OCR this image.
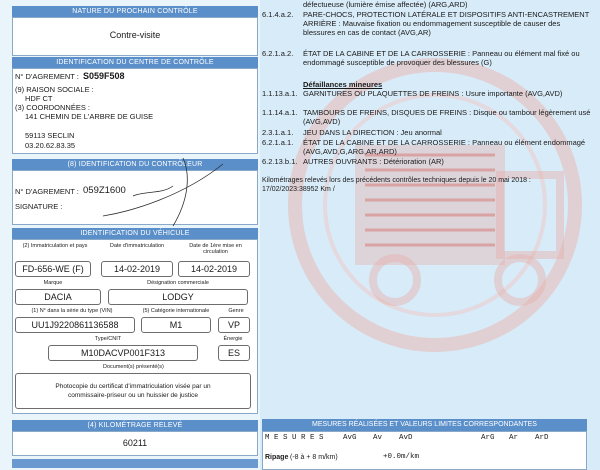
NATURE DU PROCHAIN CONTRÔLE
Contre-visite
IDENTIFICATION DU CENTRE DE CONTRÔLE
N° D'AGREMENT : S059F508
(9) RAISON SOCIALE :
HDF CT
(3) COORDONNÉES :
141 CHEMIN DE L'ARBRE DE GUISE
59113 SECLIN
03.20.62.83.35
(8) IDENTIFICATION DU CONTRÔLEUR
N° D'AGREMENT : 059Z1600
SIGNATURE :
IDENTIFICATION DU VÉHICULE
(2) Immatriculation et pays	Date d'immatriculation	Date de 1ère mise en circulation
FD-656-WE (F)	14-02-2019	14-02-2019
Marque	Désignation commerciale
DACIA	LODGY
(1) N° dans la série du type (VIN)	(5) Catégorie internationale	Genre
UU1J9220861136588	M1	VP
Type/CNIT	Énergie
M10DACVP001F313	ES
Document(s) présenté(s)
Photocopie du certificat d'immatriculation visée par un
commissaire-priseur ou un huissier de justice
(4) KILOMÉTRAGE RELEVÉ
60211
défectueuse (lumière émise affectée) (ARG,ARD)
6.1.4.a.2.	PARE-CHOCS, PROTECTION LATÉRALE ET DISPOSITIFS ANTI-ENCASTREMENT ARRIÈRE : Mauvaise fixation ou endommagement susceptible de causer des blessures en cas de contact (AVG,AR)
6.2.1.a.2.	ÉTAT DE LA CABINE ET DE LA CARROSSERIE : Panneau ou élément mal fixé ou endommagé susceptible de provoquer des blessures (G)
Défaillances mineures
1.1.13.a.1. GARNITURES OU PLAQUETTES DE FREINS : Usure importante (AVG,AVD)
1.1.14.a.1. TAMBOURS DE FREINS, DISQUES DE FREINS : Disque ou tambour légèrement usé (AVG,AVD)
2.3.1.a.1.	JEU DANS LA DIRECTION : Jeu anormal
6.2.1.a.1.	ÉTAT DE LA CABINE ET DE LA CARROSSERIE : Panneau ou élément endommagé (AVG,AVD,G,ARG,AR,ARD)
6.2.13.b.1. AUTRES OUVRANTS : Détérioration (AR)
Kilométrages relevés lors des précédents contrôles techniques depuis le 20 mai 2018 :
17/02/2023:38952 Km /
MESURES RÉALISÉES ET VALEURS LIMITES CORRESPONDANTES
M E S U R E S	AvG Av AvD	ArG Ar ArD
Ripage (-8 à + 8 m/km)	+0.0m/km
